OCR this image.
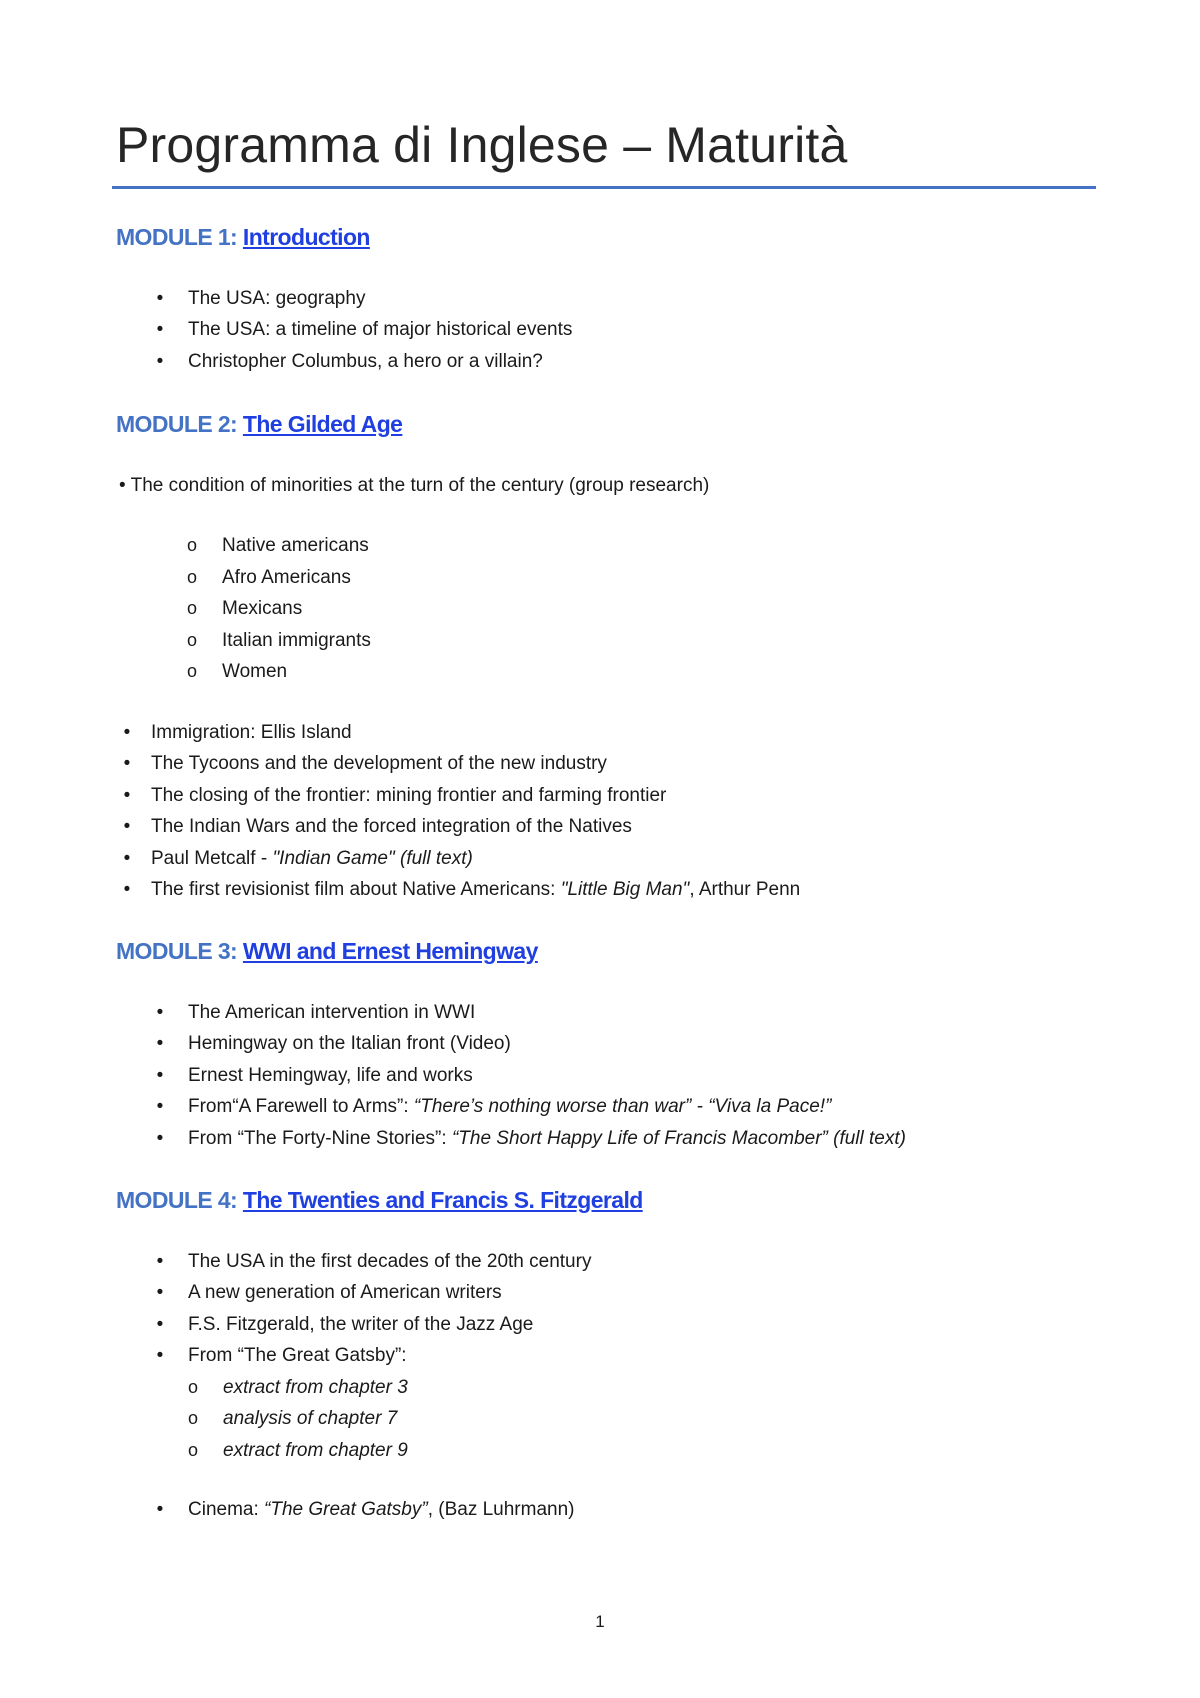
Programma di Inglese – Maturità
MODULE 1: Introduction
•	The USA: geography
•	The USA: a timeline of major historical events
•	Christopher Columbus, a hero or a villain?
MODULE 2: The Gilded Age
• The condition of minorities at the turn of the century (group research)
o Native americans
o Afro Americans
o Mexicans
o Italian immigrants
o Women
•	Immigration: Ellis Island
•	The Tycoons and the development of the new industry
•	The closing of the frontier: mining frontier and farming frontier
•	The Indian Wars and the forced integration of the Natives
•	Paul Metcalf - "Indian Game" (full text)
•	The first revisionist film about Native Americans: "Little Big Man", Arthur Penn
MODULE 3: WWI and Ernest Hemingway
•	The American intervention in WWI
•	Hemingway on the Italian front (Video)
•	Ernest Hemingway, life and works
•	From“A Farewell to Arms”: “There’s nothing worse than war” - “Viva la Pace!”
•	From “The Forty-Nine Stories”: “The Short Happy Life of Francis Macomber” (full text)
MODULE 4: The Twenties and Francis S. Fitzgerald
•	The USA in the first decades of the 20th century
•	A new generation of American writers
•	F.S. Fitzgerald, the writer of the Jazz Age
•	From “The Great Gatsby”:
o extract from chapter 3
o analysis of chapter 7
o extract from chapter 9
•	Cinema: “The Great Gatsby”, (Baz Luhrmann)
1
